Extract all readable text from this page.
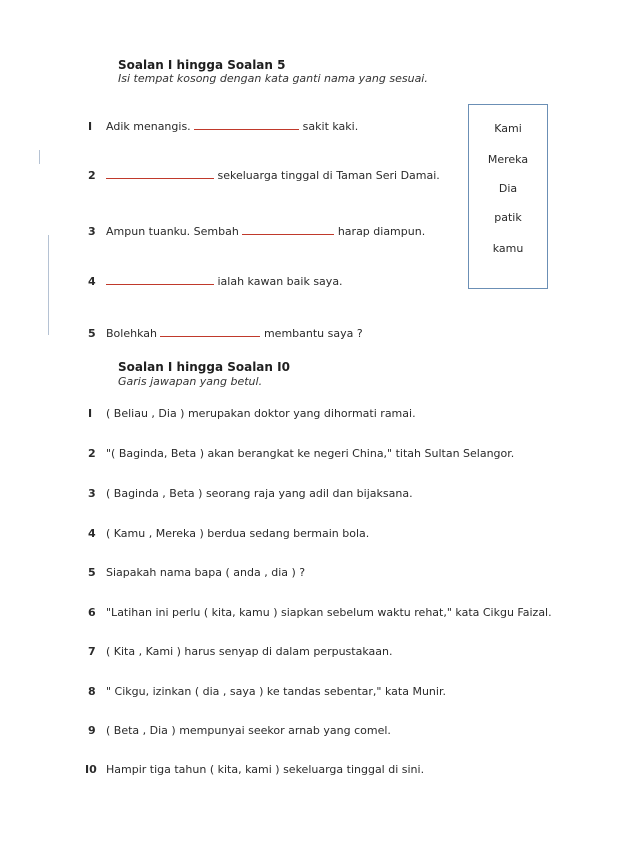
Soalan I hingga Soalan 5
Isi tempat kosong dengan kata ganti nama yang sesuai.
I	Adik menangis.	sakit kaki.
2	sekeluarga tinggal di Taman Seri Damai.
3 Ampun tuanku. Sembah	harap diampun.
4	ialah kawan baik saya.
5 Bolehkah	membantu saya ?
Kami
Mereka
Dia
patik
kamu
Soalan I hingga Soalan I0
Garis jawapan yang betul.
I	( Beliau , Dia ) merupakan doktor yang dihormati ramai.
2 "( Baginda, Beta ) akan berangkat ke negeri China," titah Sultan Selangor.
3 ( Baginda , Beta ) seorang raja yang adil dan bijaksana.
4 ( Kamu , Mereka ) berdua sedang bermain bola.
5 Siapakah nama bapa ( anda , dia ) ?
6 "Latihan ini perlu ( kita, kamu ) siapkan sebelum waktu rehat," kata Cikgu Faizal.
7 ( Kita , Kami ) harus senyap di dalam perpustakaan.
8 " Cikgu, izinkan ( dia , saya ) ke tandas sebentar," kata Munir.
9 ( Beta , Dia ) mempunyai seekor arnab yang comel.
I0 Hampir tiga tahun ( kita, kami ) sekeluarga tinggal di sini.
